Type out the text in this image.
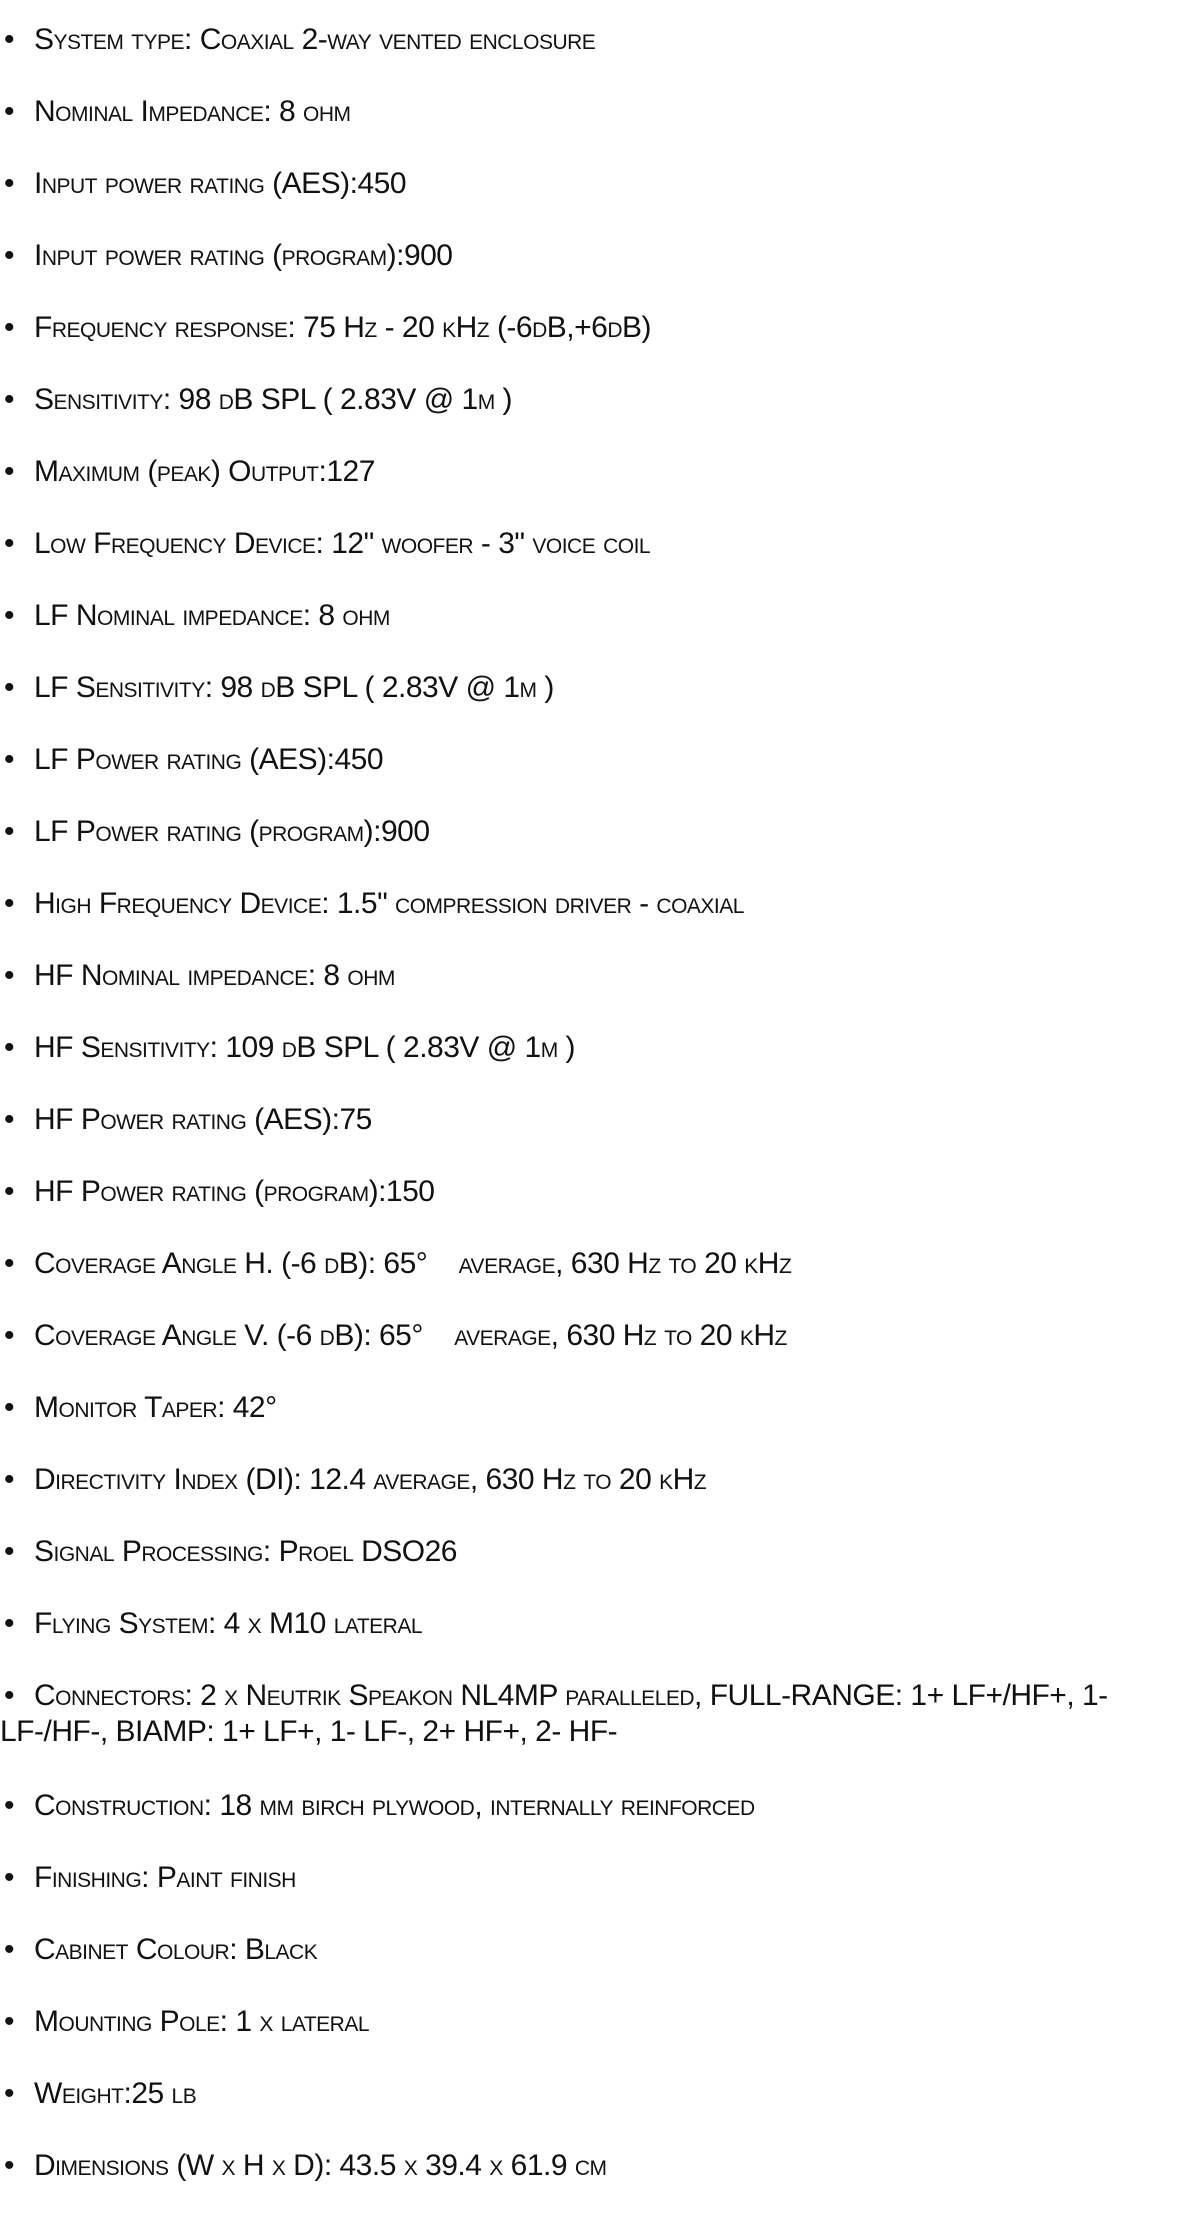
• System type: Coaxial 2-way vented enclosure
• Nominal Impedance: 8 ohm
• Input power rating (AES):450
• Input power rating (program):900
• Frequency response: 75 Hz - 20 kHz (-6dB,+6dB)
• Sensitivity: 98 dB SPL ( 2.83V @ 1m )
• Maximum (peak) Output:127
• Low Frequency Device: 12" woofer - 3" voice coil
• LF Nominal impedance: 8 ohm
• LF Sensitivity: 98 dB SPL ( 2.83V @ 1m )
• LF Power rating (AES):450
• LF Power rating (program):900
• High Frequency Device: 1.5" compression driver - coaxial
• HF Nominal impedance: 8 ohm
• HF Sensitivity: 109 dB SPL ( 2.83V @ 1m )
• HF Power rating (AES):75
• HF Power rating (program):150
• Coverage Angle H. (-6 dB): 65°    average, 630 Hz to 20 kHz
• Coverage Angle V. (-6 dB): 65°    average, 630 Hz to 20 kHz
• Monitor Taper: 42°
• Directivity Index (DI): 12.4 average, 630 Hz to 20 kHz
• Signal Processing: Proel DSO26
• Flying System: 4 x M10 lateral
• Connectors: 2 x Neutrik Speakon NL4MP paralleled, FULL-RANGE: 1+ LF+/HF+, 1- LF-/HF-, BIAMP: 1+ LF+, 1- LF-, 2+ HF+, 2- HF-
• Construction: 18 mm birch plywood, internally reinforced
• Finishing: Paint finish
• Cabinet Colour: Black
• Mounting Pole: 1 x lateral
• Weight:25 lb
• Dimensions (W x H x D): 43.5 x 39.4 x 61.9 cm
